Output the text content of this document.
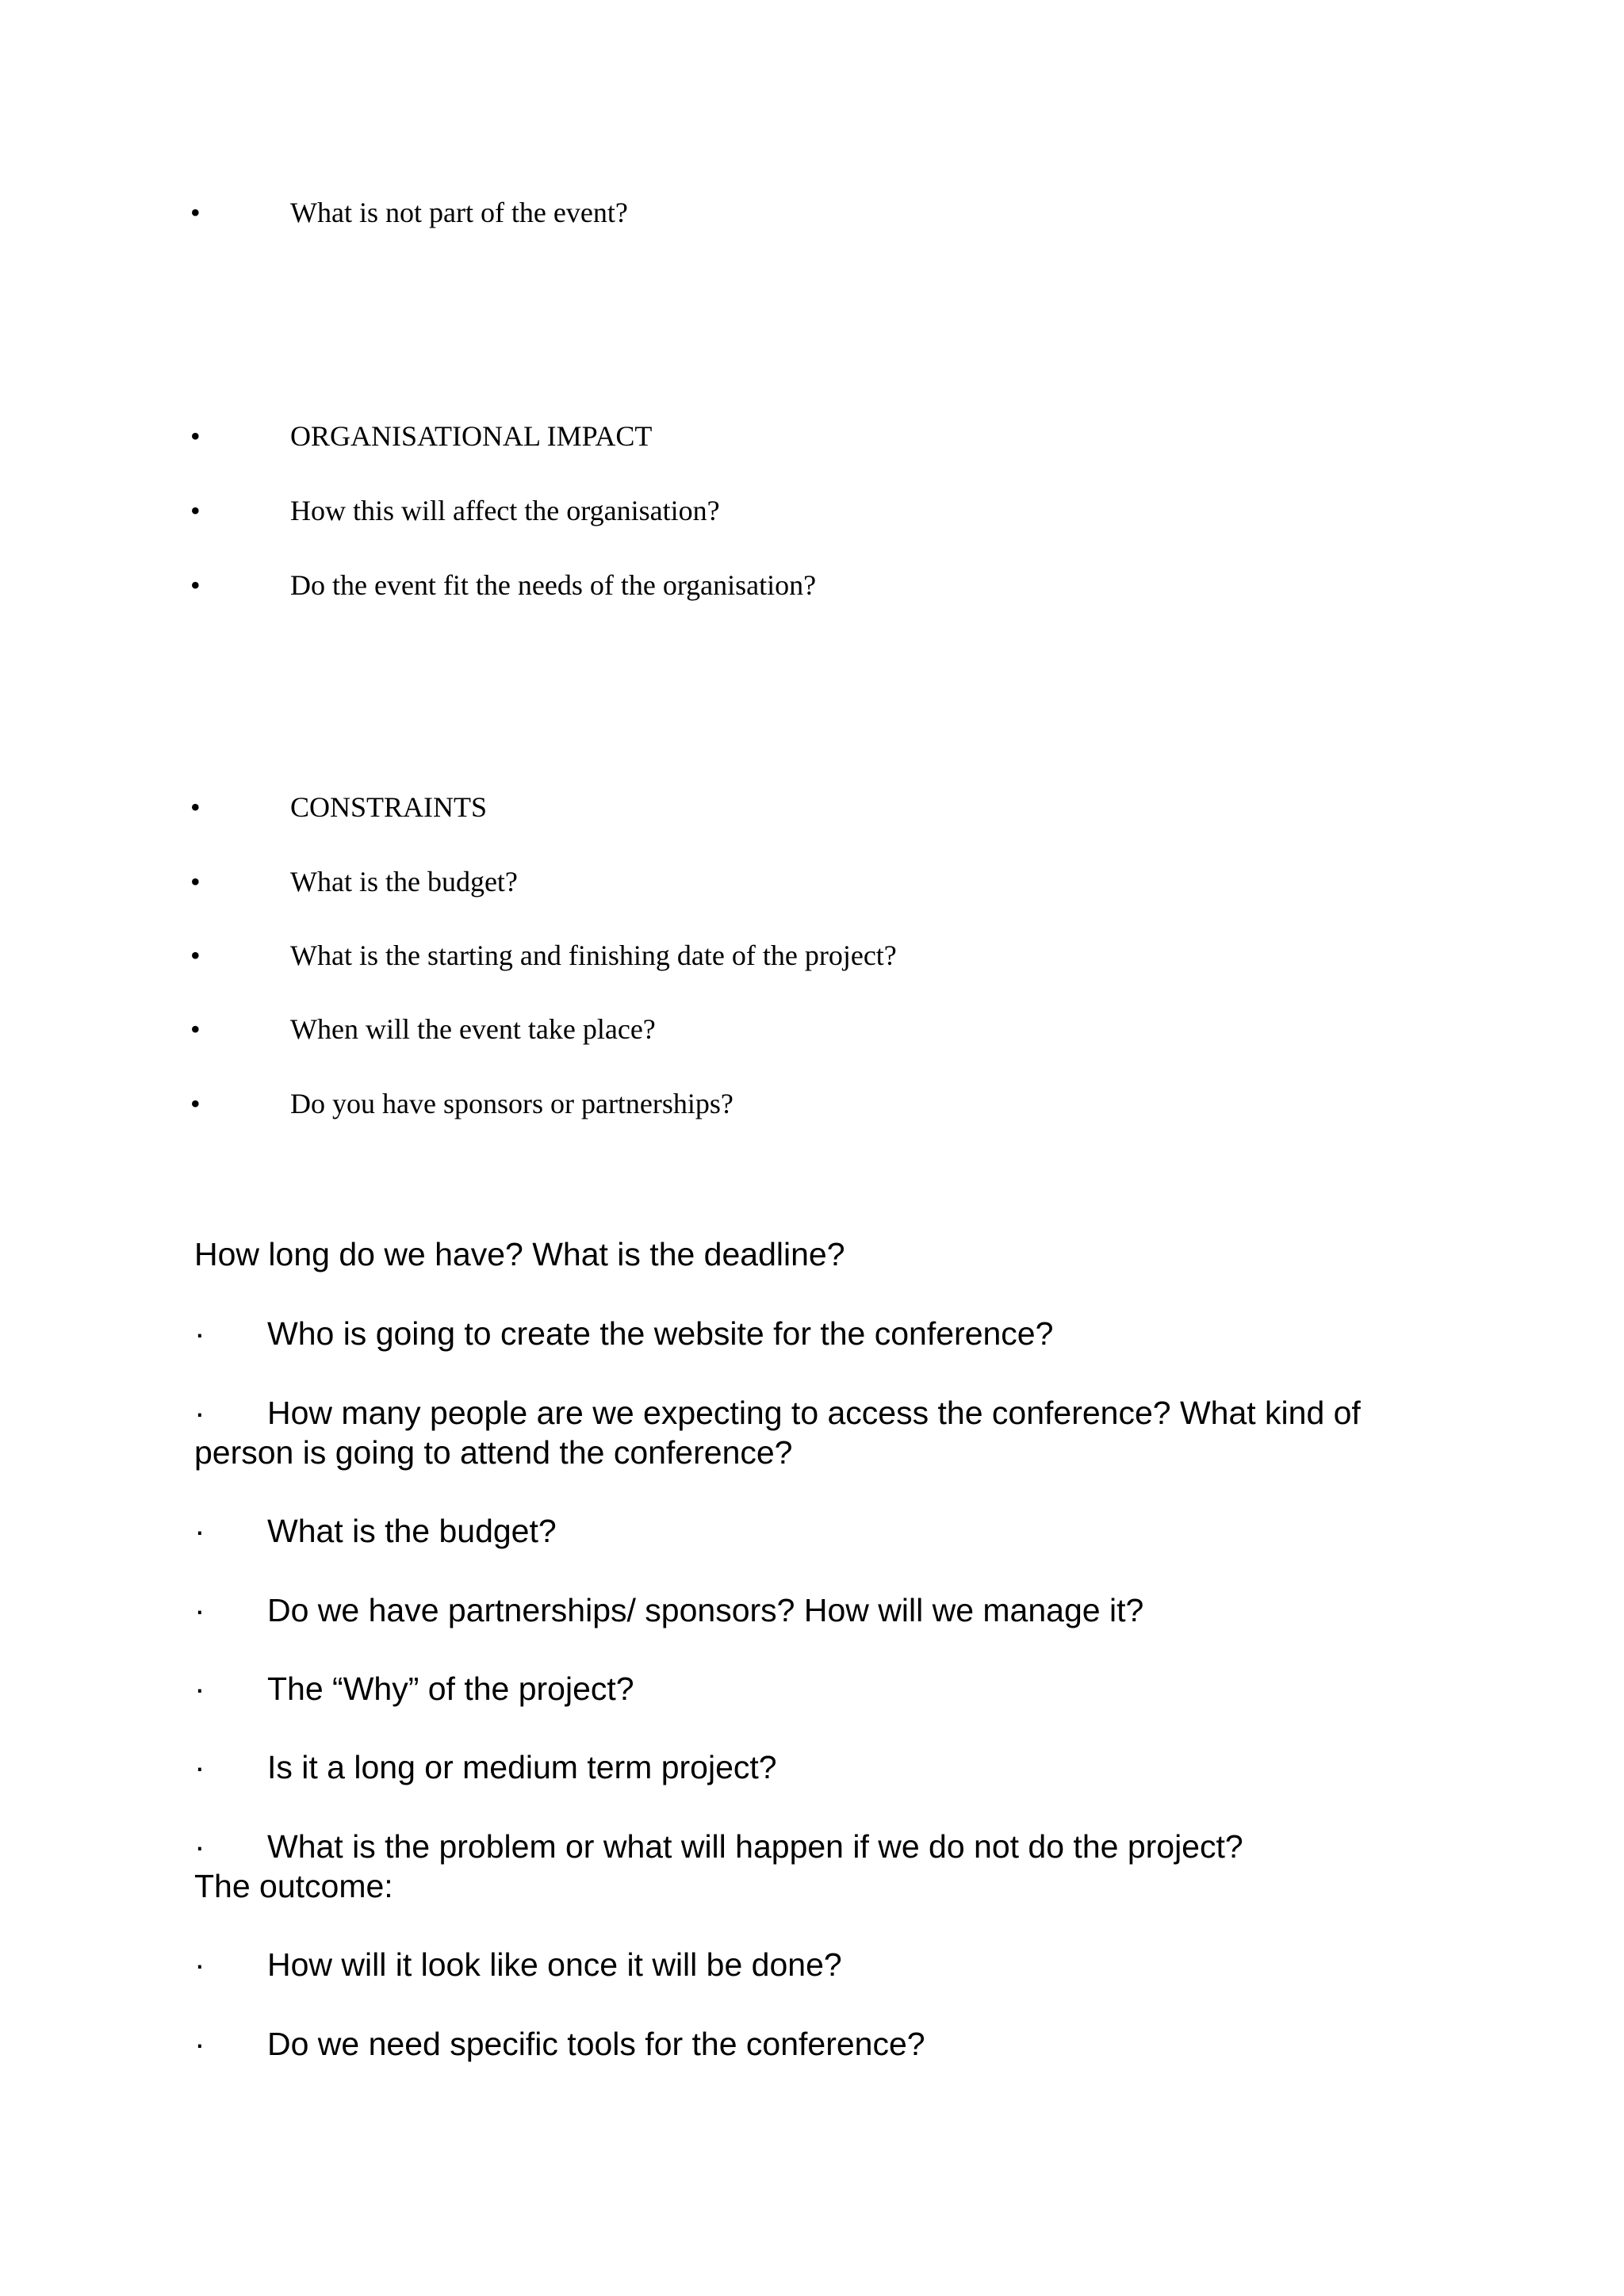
•	What is not part of the event?
•	ORGANISATIONAL IMPACT
•	How this will affect the organisation?
•	Do the event fit the needs of the organisation?
•	CONSTRAINTS
•	What is the budget?
•	What is the starting and finishing date of the project?
•	When will the event take place?
•	Do you have sponsors or partnerships?
How long do we have? What is the deadline?
· Who is going to create the website for the conference?
· How many people are we expecting to access the conference? What kind of
person is going to attend the conference?
· What is the budget?
· Do we have partnerships/ sponsors? How will we manage it?
· The “Why” of the project?
· Is it a long or medium term project?
· What is the problem or what will happen if we do not do the project?
The outcome:
· How will it look like once it will be done?
· Do we need specific tools for the conference?
